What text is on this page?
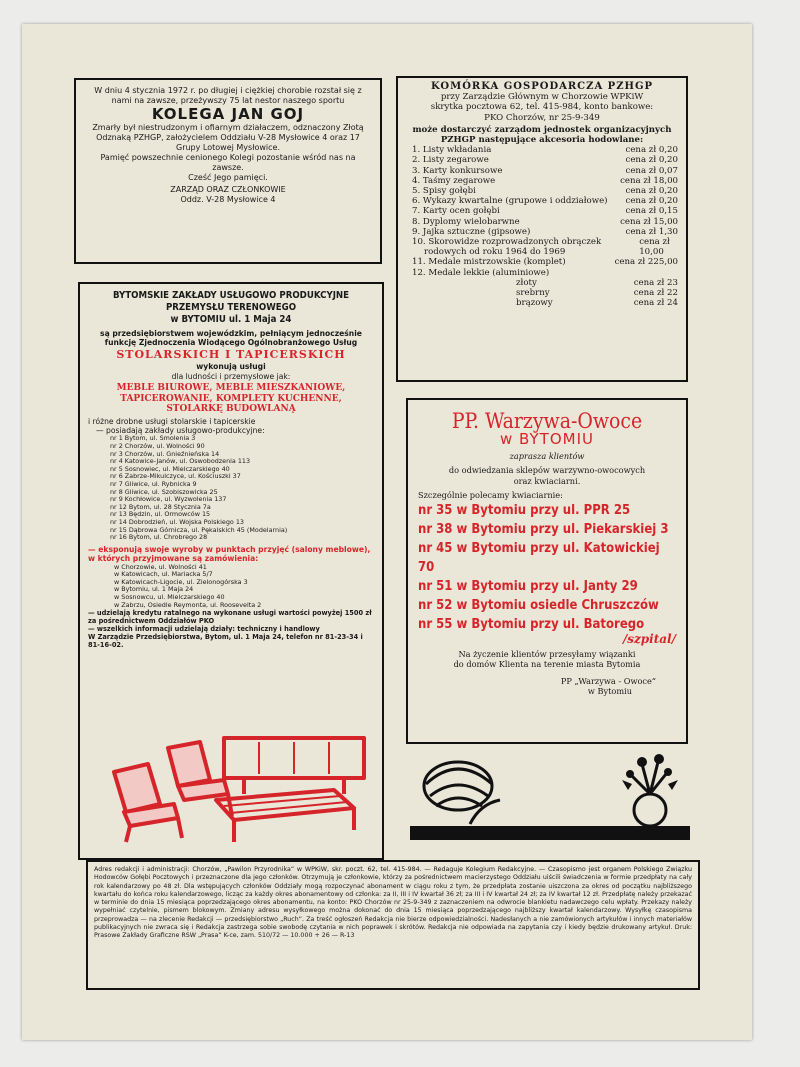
W dniu 4 stycznia 1972 r. po długiej i ciężkiej chorobie rozstał się z nami na zawsze, przeżywszy 75 lat nestor naszego sportu

KOLEGA JAN GOJ

Zmarły był niestrudzonym i ofiarnym działaczem, odznaczony Złotą Odznaką PZHGP, założycielem Oddziału V-28 Mysłowice 4 oraz 17 Grupy Lotowej Mysłowice.

Pamięć powszechnie cenionego Kolegi pozostanie wśród nas na zawsze.

Cześć Jego pamięci.

ZARZĄD ORAZ CZŁONKOWIE

Oddz. V-28 Mysłowice 4

KOMÓRKA GOSPODARCZA PZHGP

przy Zarządzie Głównym w Chorzowie WPKiW

skrytka pocztowa 62, tel. 415-984, konto bankowe:

PKO Chorzów, nr 25-9-349

może dostarczyć zarządom jednostek organizacyjnych PZHGP następujące akcesoria hodowlane:

1. Listy wkładania	cena zł 0,20
2. Listy zegarowe	cena zł 0,20
3. Karty konkursowe	cena zł 0,07
4. Taśmy zegarowe	cena zł 18,00
5. Spisy gołębi	cena zł 0,20
6. Wykazy kwartalne (grupowe i oddziałowe) cena zł 0,20
7. Karty ocen gołębi	cena zł 0,15
8. Dyplomy wielobarwne	cena zł 15,00
9. Jajka sztuczne (gipsowe)	cena zł 1,30
10. Skorowidze rozprowadzonych obrączek rodowych od roku 1964 do 1969
cena zł 10,00
11. Medale mistrzowskie (komplet)	cena zł 225,00
12. Medale lekkie (aluminiowe)
złoty	cena zł 23
srebrny	cena zł 22
brązowy	cena zł 24

BYTOMSKIE ZAKŁADY USŁUGOWO PRODUKCYJNE

PRZEMYSŁU TERENOWEGO

w BYTOMIU ul. 1 Maja 24

są przedsiębiorstwem wojewódzkim, pełniącym jednocześnie funkcję Zjednoczenia Wiodącego Ogólnobranżowego Usług

STOLARSKICH I TAPICERSKICH

wykonują usługi

dla ludności i przemysłowe jak:

MEBLE BIUROWE, MEBLE MIESZKANIOWE, TAPICEROWANIE, KOMPLETY KUCHENNE, STOLARKĘ BUDOWLANĄ

i różne drobne usługi stolarskie i tapicerskie

— posiadają zakłady usługowo-produkcyjne:

nr 1 Bytom, ul. Smolenia 3
nr 2 Chorzów, ul. Wolności 90
nr 3 Chorzów, ul. Gnieźnieńska 14
nr 4 Katowice-Janów, ul. Oswobodzenia 113
nr 5 Sosnowiec, ul. Mielczarskiego 40
nr 6 Zabrze-Mikulczyce, ul. Kościuszki 37
nr 7 Gliwice, ul. Rybnicka 9
nr 8 Gliwice, ul. Szobiszowicka 25
nr 9 Kochłowice, ul. Wyzwolenia 137
nr 12 Bytom, ul. 28 Stycznia 7a
nr 13 Będzin, ul. Ormowców 15
nr 14 Dobrodzień, ul. Wojska Polskiego 13
nr 15 Dąbrowa Górnicza, ul. Pękalskich 45 (Modelarnia)
nr 16 Bytom, ul. Chrobrego 28

— eksponują swoje wyroby w punktach przyjęć (salony meblowe), w których przyjmowane są zamówienia:

w Chorzowie, ul. Wolności 41
w Katowicach, ul. Mariacka 5/7
w Katowicach-Ligocie, ul. Zielonogórska 3
w Bytomiu, ul. 1 Maja 24
w Sosnowcu, ul. Mielczarskiego 40
w Zabrzu, Osiedle Reymonta, ul. Roosevelta 2

— udzielają kredytu ratalnego na wykonane usługi wartości powyżej 1500 zł za pośrednictwem Oddziałów PKO

— wszelkich informacji udzielają działy: techniczny i handlowy

W Zarządzie Przedsiębiorstwa, Bytom, ul. 1 Maja 24, telefon nr 81-23-34 i 81-16-02.

PP. Warzywa-Owoce

w BYTOMIU

zaprasza klientów

do odwiedzania sklepów warzywno-owocowych

oraz kwiaciarni.

Szczególnie polecamy kwiaciarnie:

nr 35 w Bytomiu przy ul. PPR 25
nr 38 w Bytomiu przy ul. Piekarskiej 3
nr 45 w Bytomiu przy ul. Katowickiej 70
nr 51 w Bytomiu przy ul. Janty 29
nr 52 w Bytomiu osiedle Chruszczów
nr 55 w Bytomiu przy ul. Batorego

/szpital/

Na życzenie klientów przesyłamy wiązanki

do domów Klienta na terenie miasta Bytomia

PP „Warzywa - Owoce“

w Bytomiu

Adres redakcji i administracji: Chorzów, „Pawilon Przyrodnika“ w WPKiW, skr. poczt. 62, tel. 415-984. — Redaguje Kolegium Redakcyjne. — Czasopismo jest organem Polskiego Związku Hodowców Gołębi Pocztowych i przeznaczone dla jego członków. Otrzymują je członkowie, którzy za pośrednictwem macierzystego Oddziału uiścili świadczenia w formie przedpłaty na cały rok kalendarzowy po 48 zł. Dla wstępujących członków Oddziały mogą rozpoczynać abonament w ciągu roku z tym, że przedpłata zostanie uiszczona za okres od początku najbliższego kwartału do końca roku kalendarzowego, licząc za każdy okres abonamentowy od członka: za II, III i IV kwartał 36 zł; za III i IV kwartał 24 zł; za IV kwartał 12 zł. Przedpłatę należy przekazać w terminie do dnia 15 miesiąca poprzedzającego okres abonamentu, na konto: PKO Chorzów nr 25-9-349 z zaznaczeniem na odwrocie blankietu nadawczego celu wpłaty. Przekazy należy wypełniać czytelnie, pismem blokowym. Zmiany adresu wysyłkowego można dokonać do dnia 15 miesiąca poprzedzającego najbliższy kwartał kalendarzowy. Wysyłkę czasopisma przeprowadza — na zlecenie Redakcji — przedsiębiorstwo „Ruch“. Za treść ogłoszeń Redakcja nie bierze odpowiedzialności. Nadesłanych a nie zamówionych artykułów i innych materiałów publikacyjnych nie zwraca się i Redakcja zastrzega sobie swobodę czytania w nich poprawek i skrótów. Redakcja nie odpowiada na zapytania czy i kiedy będzie drukowany artykuł. Druk: Prasowe Zakłady Graficzne RSW „Prasa“ K-ce, zam. 510/72 — 10.000 + 26 — R-13
